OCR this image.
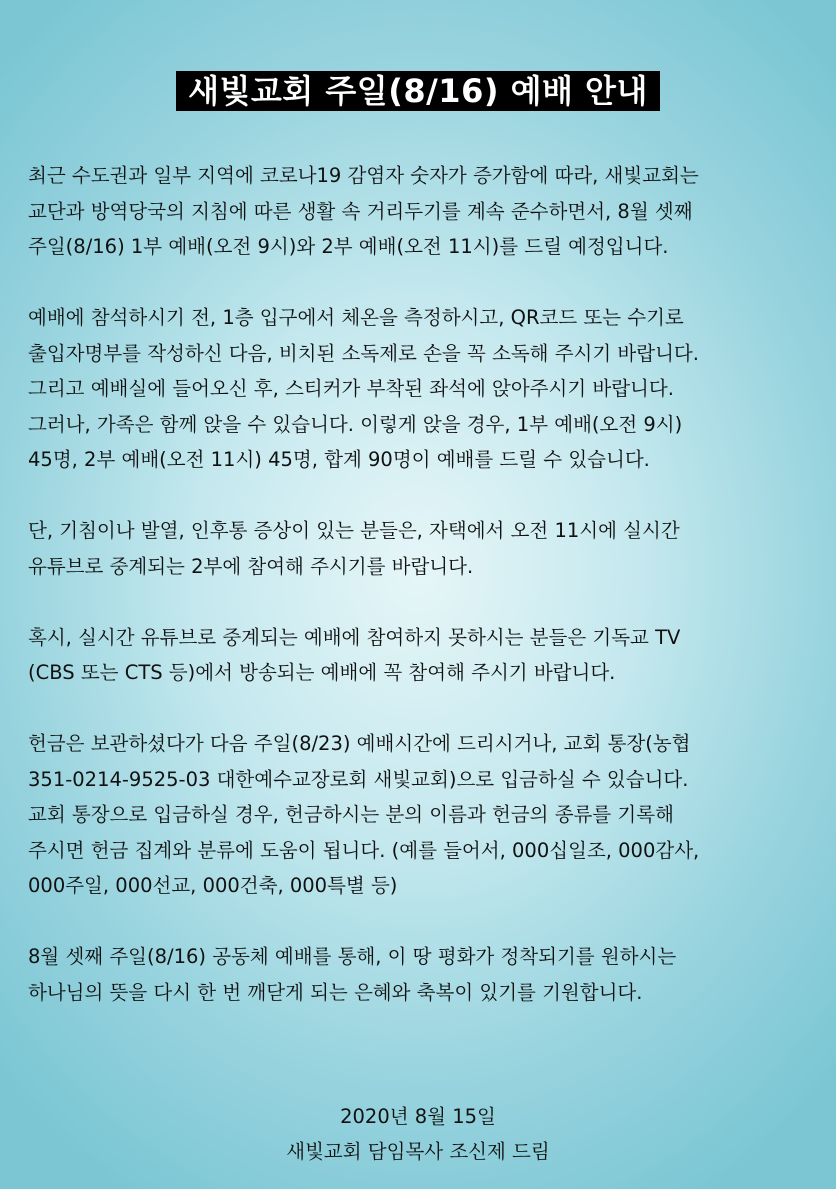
새빛교회 주일(8/16) 예배 안내

최근 수도권과 일부 지역에 코로나19 감염자 숫자가 증가함에 따라, 새빛교회는
교단과 방역당국의 지침에 따른 생활 속 거리두기를 계속 준수하면서, 8월 셋째
주일(8/16) 1부 예배(오전 9시)와 2부 예배(오전 11시)를 드릴 예정입니다.

예배에 참석하시기 전, 1층 입구에서 체온을 측정하시고, QR코드 또는 수기로
출입자명부를 작성하신 다음, 비치된 소독제로 손을 꼭 소독해 주시기 바랍니다.
그리고 예배실에 들어오신 후, 스티커가 부착된 좌석에 앉아주시기 바랍니다.
그러나, 가족은 함께 앉을 수 있습니다. 이렇게 앉을 경우, 1부 예배(오전 9시)
45명, 2부 예배(오전 11시) 45명, 합계 90명이 예배를 드릴 수 있습니다.

단, 기침이나 발열, 인후통 증상이 있는 분들은, 자택에서 오전 11시에 실시간
유튜브로 중계되는 2부에 참여해 주시기를 바랍니다.

혹시, 실시간 유튜브로 중계되는 예배에 참여하지 못하시는 분들은 기독교 TV
(CBS 또는 CTS 등)에서 방송되는 예배에 꼭 참여해 주시기 바랍니다.

헌금은 보관하셨다가 다음 주일(8/23) 예배시간에 드리시거나, 교회 통장(농협
351-0214-9525-03 대한예수교장로회 새빛교회)으로 입금하실 수 있습니다.
교회 통장으로 입금하실 경우, 헌금하시는 분의 이름과 헌금의 종류를 기록해
주시면 헌금 집계와 분류에 도움이 됩니다. (예를 들어서, 000십일조, 000감사,
000주일, 000선교, 000건축, 000특별 등)

8월 셋째 주일(8/16) 공동체 예배를 통해, 이 땅 평화가 정착되기를 원하시는
하나님의 뜻을 다시 한 번 깨닫게 되는 은혜와 축복이 있기를 기원합니다.

2020년 8월 15일
새빛교회 담임목사 조신제 드림
